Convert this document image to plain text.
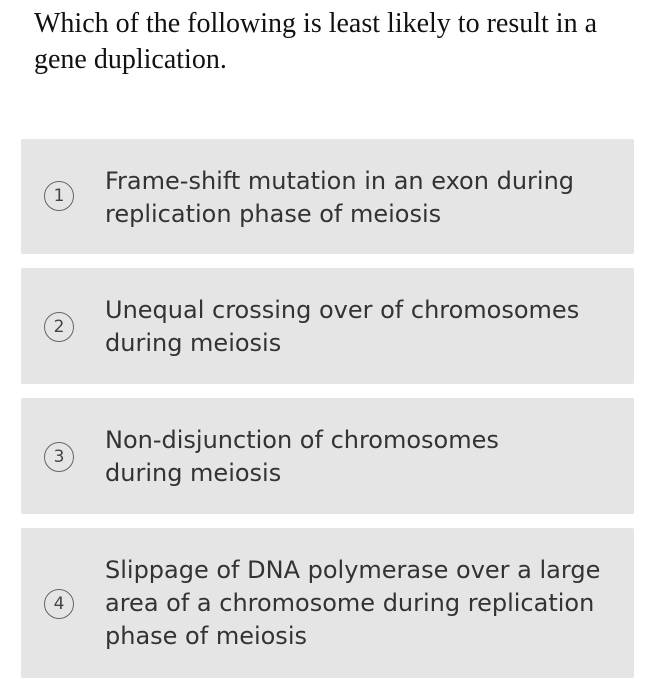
Which of the following is least likely to result in a gene duplication.
1
Frame-shift mutation in an exon during
replication phase of meiosis
2
Unequal crossing over of chromosomes
during meiosis
3
Non-disjunction of chromosomes
during meiosis
4
Slippage of DNA polymerase over a large
area of a chromosome during replication
phase of meiosis
